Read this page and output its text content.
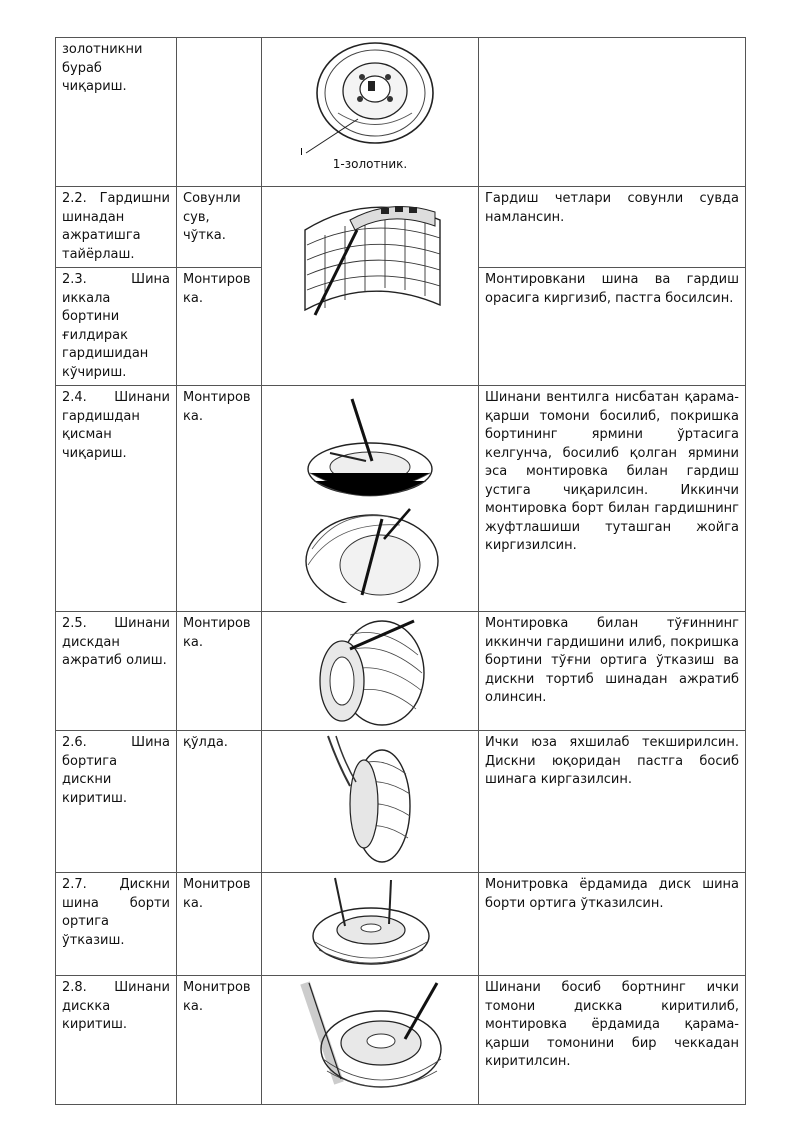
золотникни
бураб
чиқариш.		I
1-золотник.	

2.2. Гардишни шинадан ажратишга тайёрлаш.	Совунли сув, чўтка.		Гардиш четлари совунли сувда намлансин.
2.3. Шина иккала бортини ғилдирак гардишидан кўчириш.	Монтиров ка.		Монтировкани шина ва гардиш орасига киргизиб, пастга босилсин.
2.4. Шинани гардишдан қисман чиқариш.	Монтиров ка.		Шинани вентилга нисбатан қарама-қарши томони босилиб, покришка бортининг ярмини ўртасига келгунча, босилиб қолган ярмини эса монтировка билан гардиш устига чиқарилсин. Иккинчи монтировка борт билан гардишнинг жуфтлашиши туташган жойга киргизилсин.
2.5. Шинани дискдан ажратиб олиш.	Монтиров ка.		Монтировка билан тўғиннинг иккинчи гардишини илиб, покришка бортини тўғни ортига ўтказиш ва дискни тортиб шинадан ажратиб олинсин.
2.6. Шина бортига дискни киритиш.	қўлда.		Ички юза яхшилаб текширилсин. Дискни юқоридан пастга босиб шинага киргазилсин.
2.7. Дискни шина борти ортига ўтказиш.	Монитров ка.		Монитровка ёрдамида диск шина борти ортига ўтказилсин.
2.8. Шинани дискка киритиш.	Монитров ка.		Шинани босиб бортнинг ички томони дискка киритилиб, монтировка ёрдамида қарама-қарши томонини бир чеккадан киритилсин.
